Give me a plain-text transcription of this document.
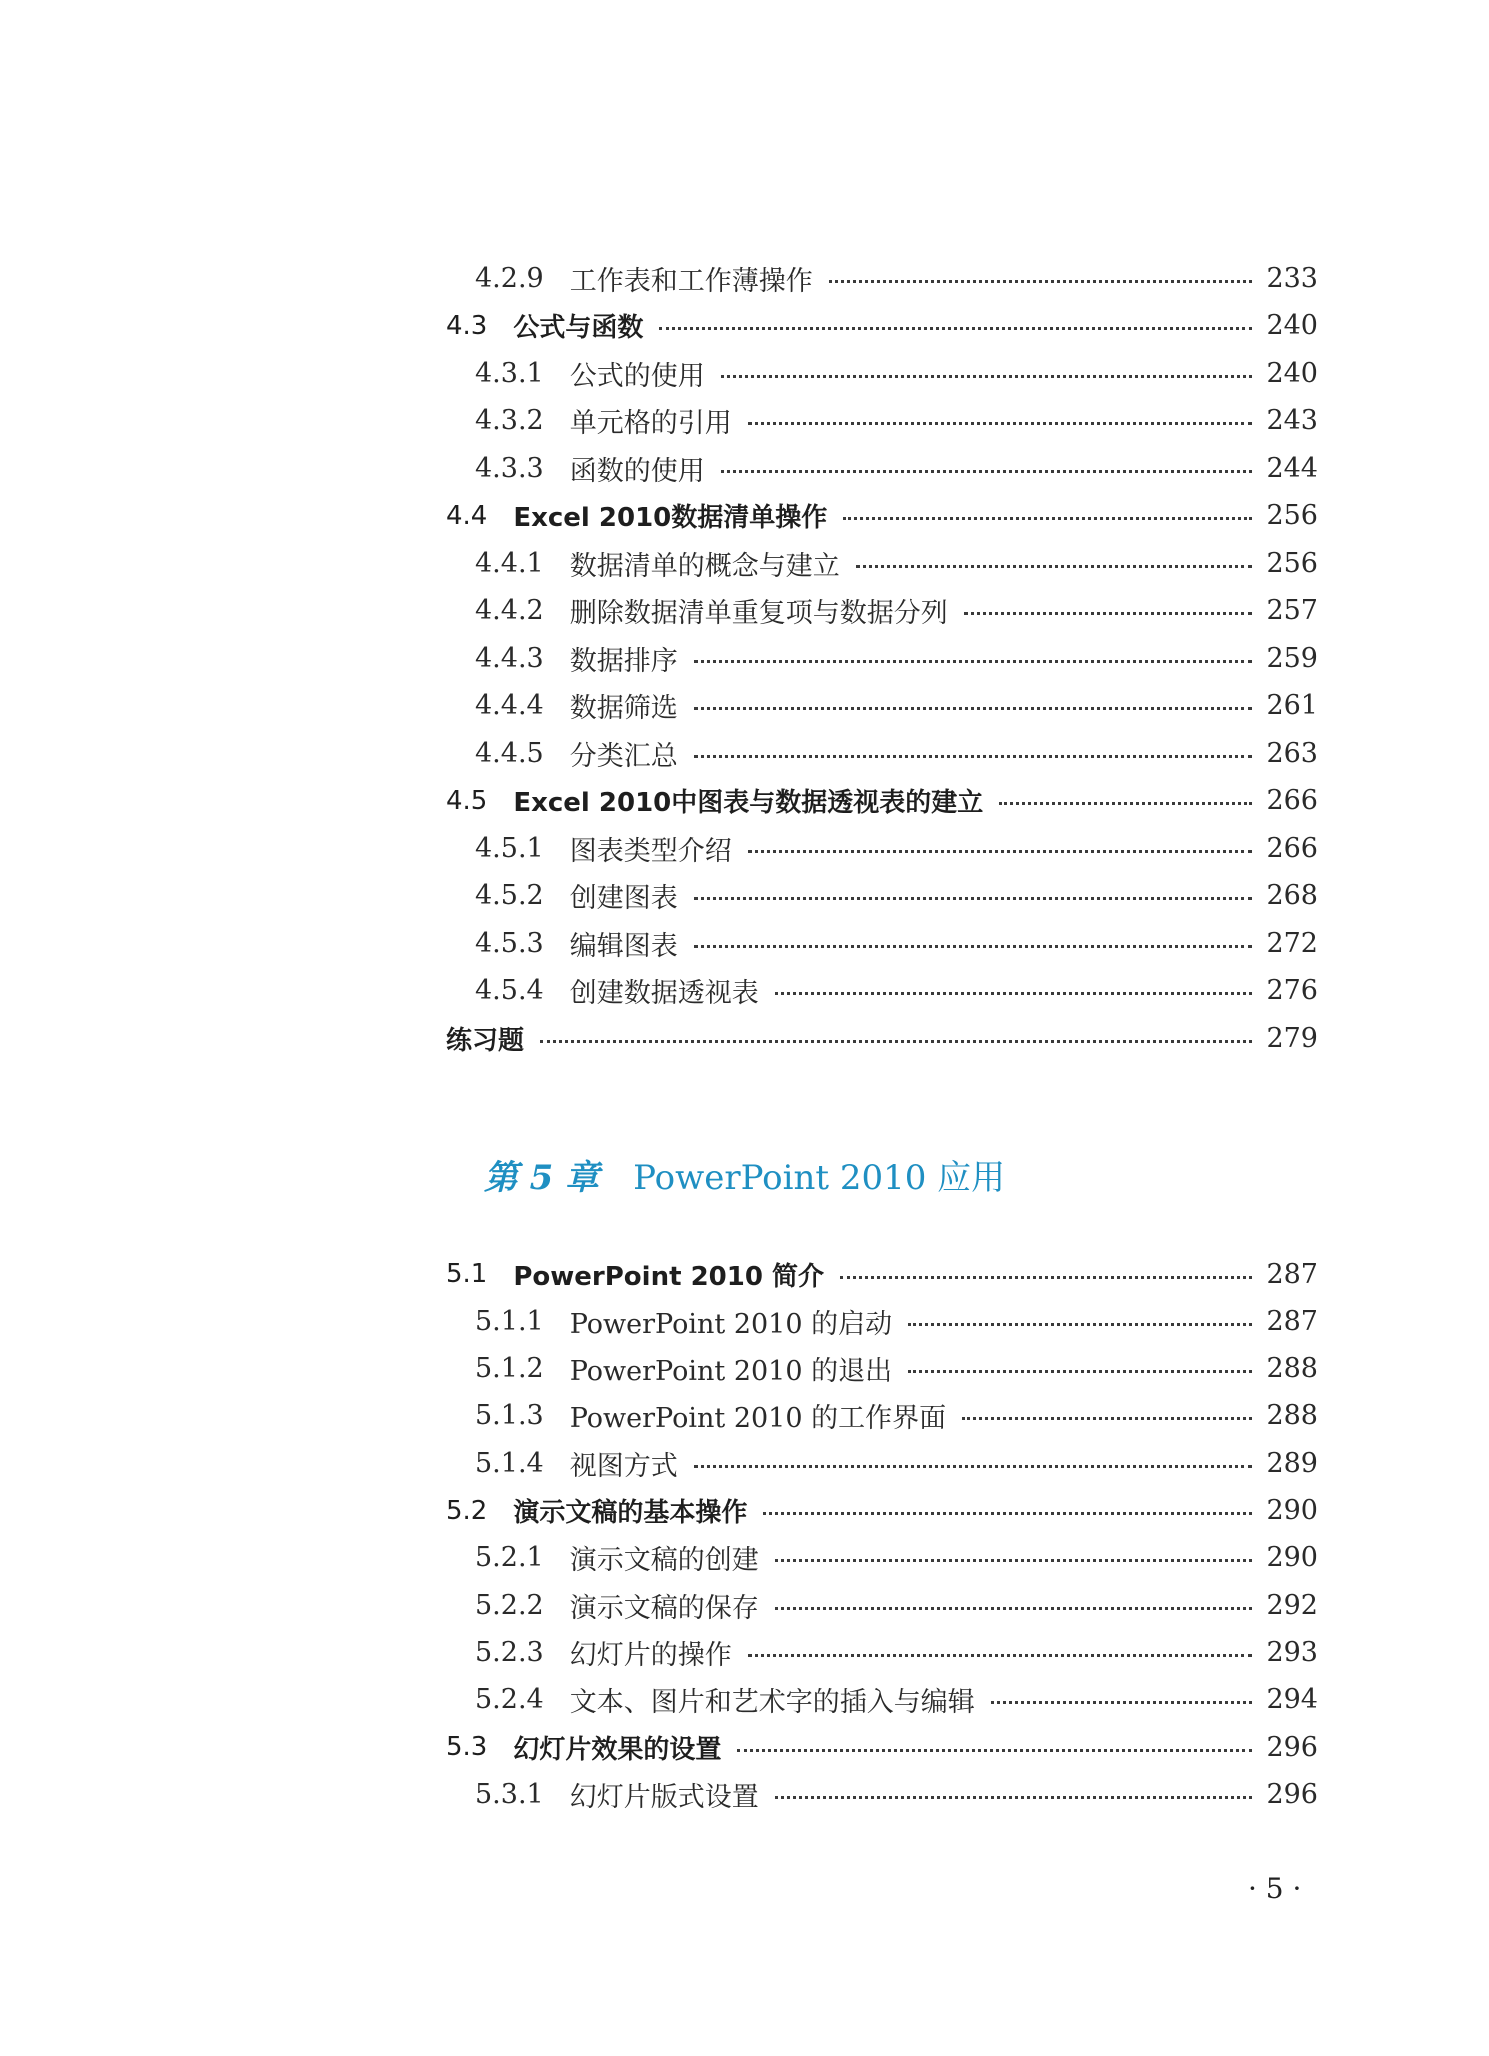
4.2.9 工作表和工作薄操作	233
4.3 公式与函数	240
4.3.1 公式的使用	240
4.3.2 单元格的引用	243
4.3.3 函数的使用	244
4.4 Excel 2010数据清单操作	256
4.4.1 数据清单的概念与建立	256
4.4.2 删除数据清单重复项与数据分列	257
4.4.3 数据排序	259
4.4.4 数据筛选	261
4.4.5 分类汇总	263
4.5 Excel 2010中图表与数据透视表的建立	266
4.5.1 图表类型介绍	266
4.5.2 创建图表	268
4.5.3 编辑图表	272
4.5.4 创建数据透视表	276
练习题	279
第 5 章 PowerPoint 2010 应用
5.1 PowerPoint 2010 简介	287
5.1.1 PowerPoint 2010 的启动	287
5.1.2 PowerPoint 2010 的退出	288
5.1.3 PowerPoint 2010 的工作界面	288
5.1.4 视图方式	289
5.2 演示文稿的基本操作	290
5.2.1 演示文稿的创建	290
5.2.2 演示文稿的保存	292
5.2.3 幻灯片的操作	293
5.2.4 文本、图片和艺术字的插入与编辑	294
5.3 幻灯片效果的设置	296
5.3.1 幻灯片版式设置	296
· 5 ·
